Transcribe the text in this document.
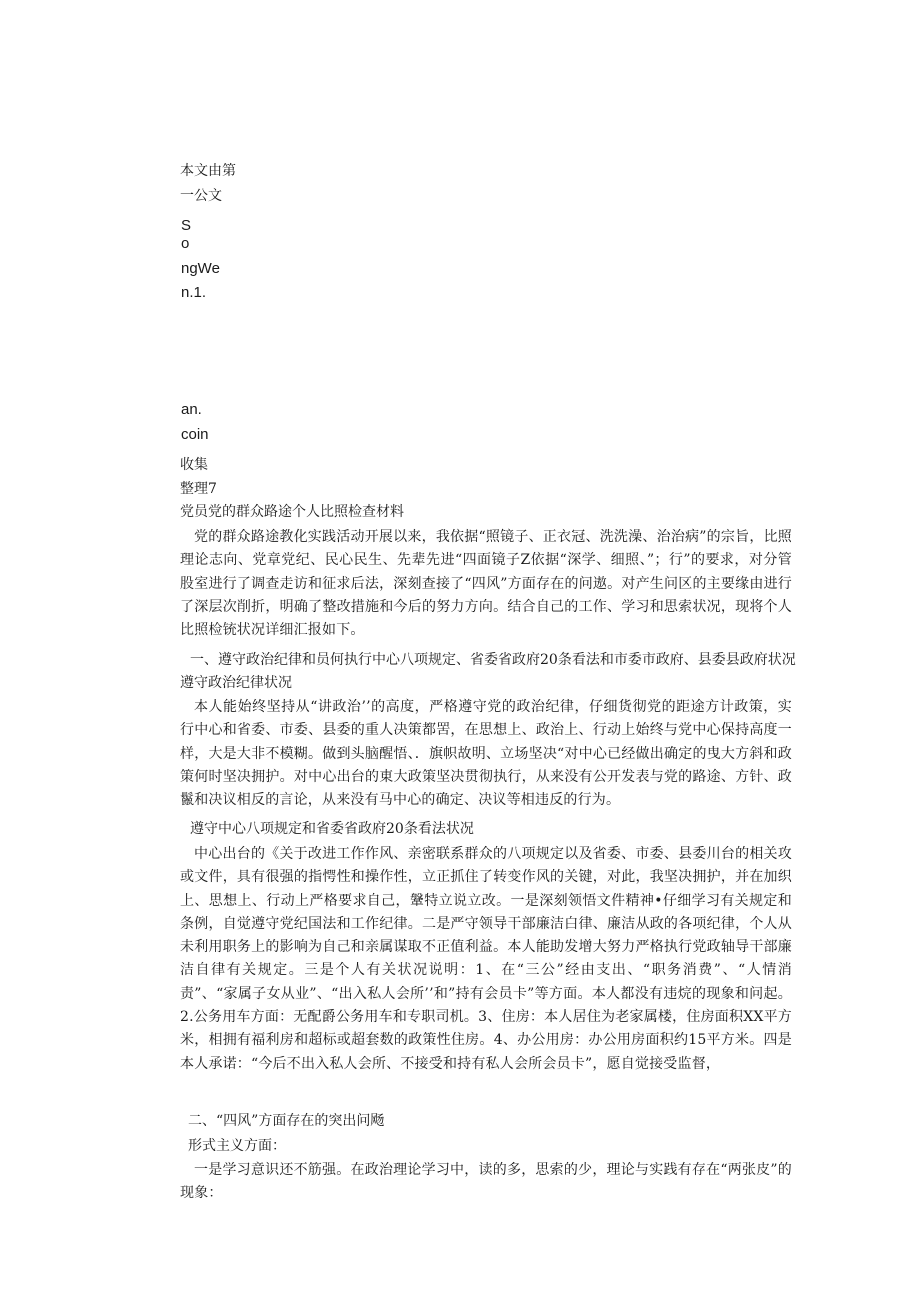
本文由第
一公文
S
o
ngWe
n.1.
an.
coin
收集
整理7
党员党的群众路途个人比照检查材料
党的群众路途教化实践活动开展以来，我依据“照镜子、正衣冠、洗洗澡、治治病”的宗旨，比照理论志向、党章党纪、民心民生、先辈先进“四面镜子Z依据“深学、细照、”；行”的要求，对分管股室进行了调查走访和征求后法，深刻查接了“四风”方面存在的问遨。对产生问区的主要缘由进行了深层次削折，明确了整改措施和今后的努力方向。结合自己的工作、学习和思索状况，现将个人比照检铳状况详细汇报如下。
一、遵守政治纪律和员何执行中心八项规定、省委省政府20条看法和市委市政府、县委县政府状况
遵守政治纪律状况
本人能始终坚持从“讲政治’’的高度，严格遵守党的政治纪律，仔细货彻党的距途方计政策，实行中心和省委、市委、县委的重人决策都罟，在思想上、政治上、行动上始终与党中心保持高度一样，大是大非不模糊。做到头脑醒悟、．旗帜故明、立场坚决“对中心已经做出确定的曳大方斜和政策何时坚决拥护。对中心出台的東大政策坚决贯彻执行，从来没有公开发表与党的路途、方针、政鬣和决议相反的言论，从来没有马中心的确定、决议等相违反的行为。
遵守中心八项规定和省委省政府20条看法状况
中心出台的《关于改进工作作风、亲密联系群众的八项规定以及省委、市委、县委川台的相关攻或文件，具有很强的指愕性和操作性，立正抓住了转变作风的关键，对此，我坚决拥护，并在加织上、思想上、行动上严格要求自己，鞶特立说立改。一是深刻领悟文件精神•仔细学习有关规定和条例，自觉遵守党纪国法和工作纪律。二是严守领导干部廉洁白律、廉洁从政的各项纪律，个人从未利用职务上的影响为自己和亲属谋取不正值利益。本人能助发增大努力严格执行党政轴导干部廉洁自律有关规定。三是个人有关状况说明：1、在“三公”经由支出、“职务消费”、“人情消责”、“家属子女从业”、“出入私人会所’’和”持有会员卡”等方面。本人都没有违烷的现象和问起。2.公务用车方面：无配爵公务用车和专职司机。3、住房：本人居住为老家属楼，住房面积XX平方米，相拥有福利房和超标或超套数的政策性住房。4、办公用房：办公用房面积约15平方米。四是本人承诺：“今后不出入私人会所、不接受和持有私人会所会员卡”，愿自觉接受监督，
二、“四风”方面存在的突出问飏
形式主义方面：
一是学习意识还不筋强。在政治理论学习中，读的多，思索的少，理论与实践有存在“两张皮”的现象：
